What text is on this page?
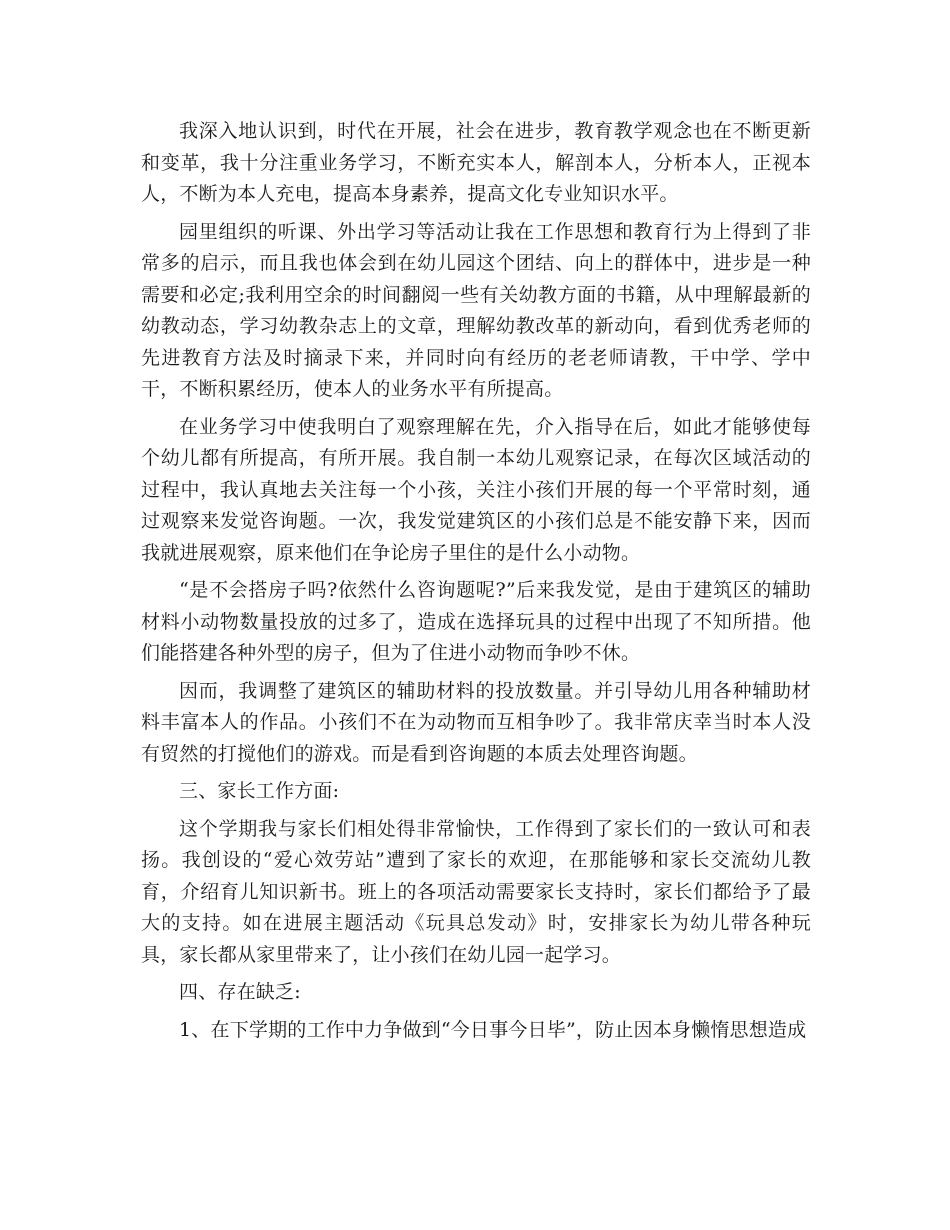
我深入地认识到，时代在开展，社会在进步，教育教学观念也在不断更新和变革，我十分注重业务学习，不断充实本人，解剖本人，分析本人，正视本人，不断为本人充电，提高本身素养，提高文化专业知识水平。

园里组织的听课、外出学习等活动让我在工作思想和教育行为上得到了非常多的启示，而且我也体会到在幼儿园这个团结、向上的群体中，进步是一种需要和必定;我利用空余的时间翻阅一些有关幼教方面的书籍，从中理解最新的幼教动态，学习幼教杂志上的文章，理解幼教改革的新动向，看到优秀老师的先进教育方法及时摘录下来，并同时向有经历的老老师请教，干中学、学中干，不断积累经历，使本人的业务水平有所提高。

在业务学习中使我明白了观察理解在先，介入指导在后，如此才能够使每个幼儿都有所提高，有所开展。我自制一本幼儿观察记录，在每次区域活动的过程中，我认真地去关注每一个小孩，关注小孩们开展的每一个平常时刻，通过观察来发觉咨询题。一次，我发觉建筑区的小孩们总是不能安静下来，因而我就进展观察，原来他们在争论房子里住的是什么小动物。

“是不会搭房子吗?依然什么咨询题呢?”后来我发觉，是由于建筑区的辅助材料小动物数量投放的过多了，造成在选择玩具的过程中出现了不知所措。他们能搭建各种外型的房子，但为了住进小动物而争吵不休。

因而，我调整了建筑区的辅助材料的投放数量。并引导幼儿用各种辅助材料丰富本人的作品。小孩们不在为动物而互相争吵了。我非常庆幸当时本人没有贸然的打搅他们的游戏。而是看到咨询题的本质去处理咨询题。

三、家长工作方面:

这个学期我与家长们相处得非常愉快，工作得到了家长们的一致认可和表扬。我创设的“爱心效劳站”遭到了家长的欢迎，在那能够和家长交流幼儿教育，介绍育儿知识新书。班上的各项活动需要家长支持时，家长们都给予了最大的支持。如在进展主题活动《玩具总发动》时，安排家长为幼儿带各种玩具，家长都从家里带来了，让小孩们在幼儿园一起学习。

四、存在缺乏:

1、在下学期的工作中力争做到“今日事今日毕”，防止因本身懒惰思想造成
